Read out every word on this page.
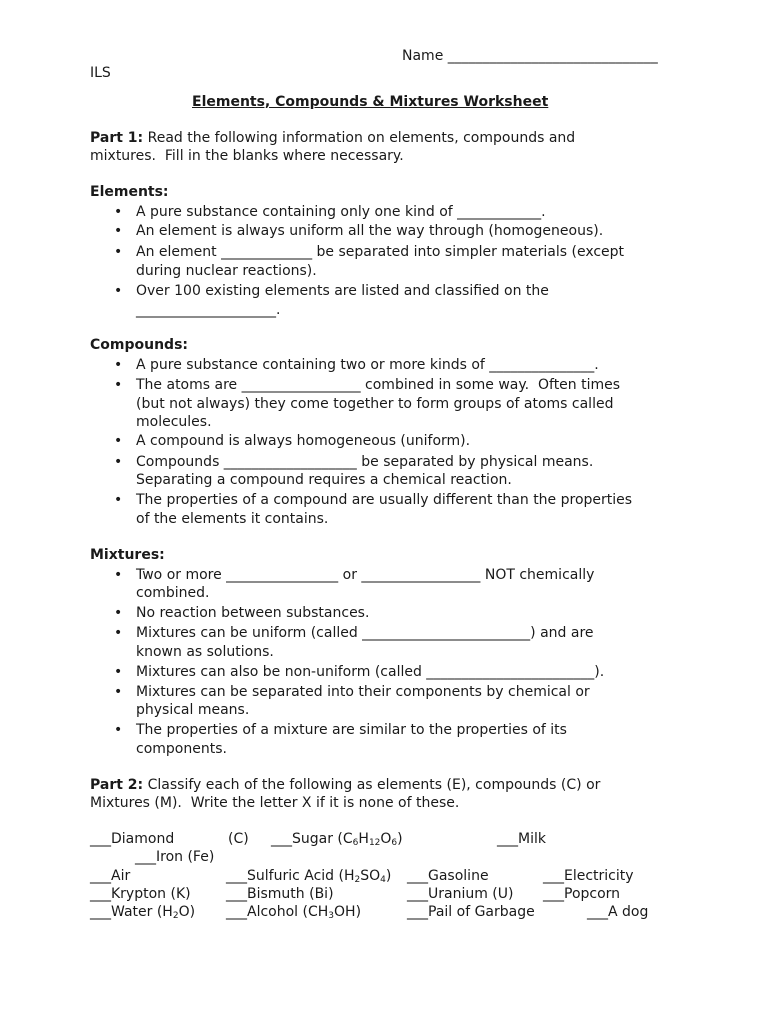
Name ______________________________
ILS
Elements, Compounds & Mixtures Worksheet
Part 1: Read the following information on elements, compounds and
mixtures.  Fill in the blanks where necessary.
Elements:
• A pure substance containing only one kind of ____________.
• An element is always uniform all the way through (homogeneous).
• An element _____________ be separated into simpler materials (except
during nuclear reactions).
• Over 100 existing elements are listed and classified on the
____________________.
Compounds:
• A pure substance containing two or more kinds of _______________.
• The atoms are _________________ combined in some way.  Often times
(but not always) they come together to form groups of atoms called
molecules.
• A compound is always homogeneous (uniform).
• Compounds ___________________ be separated by physical means.
Separating a compound requires a chemical reaction.
• The properties of a compound are usually different than the properties
of the elements it contains.
Mixtures:
• Two or more ________________ or _________________ NOT chemically
combined.
• No reaction between substances.
• Mixtures can be uniform (called ________________________) and are
known as solutions.
• Mixtures can also be non-uniform (called ________________________).
• Mixtures can be separated into their components by chemical or
physical means.
• The properties of a mixture are similar to the properties of its
components.
Part 2: Classify each of the following as elements (E), compounds (C) or
Mixtures (M).  Write the letter X if it is none of these.
___Diamond	(C) ___Sugar $(C_6H_{12}O_6)$	___Milk
___Iron (Fe)
___Air	___Sulfuric Acid $(H_2SO_4)$ ___Gasoline	___Electricity
___Krypton (K)	___Bismuth (Bi)	___Uranium (U) ___Popcorn
___Water $(H_2O)$ ___Alcohol $(CH_3OH)$	___Pail of Garbage	___A dog
